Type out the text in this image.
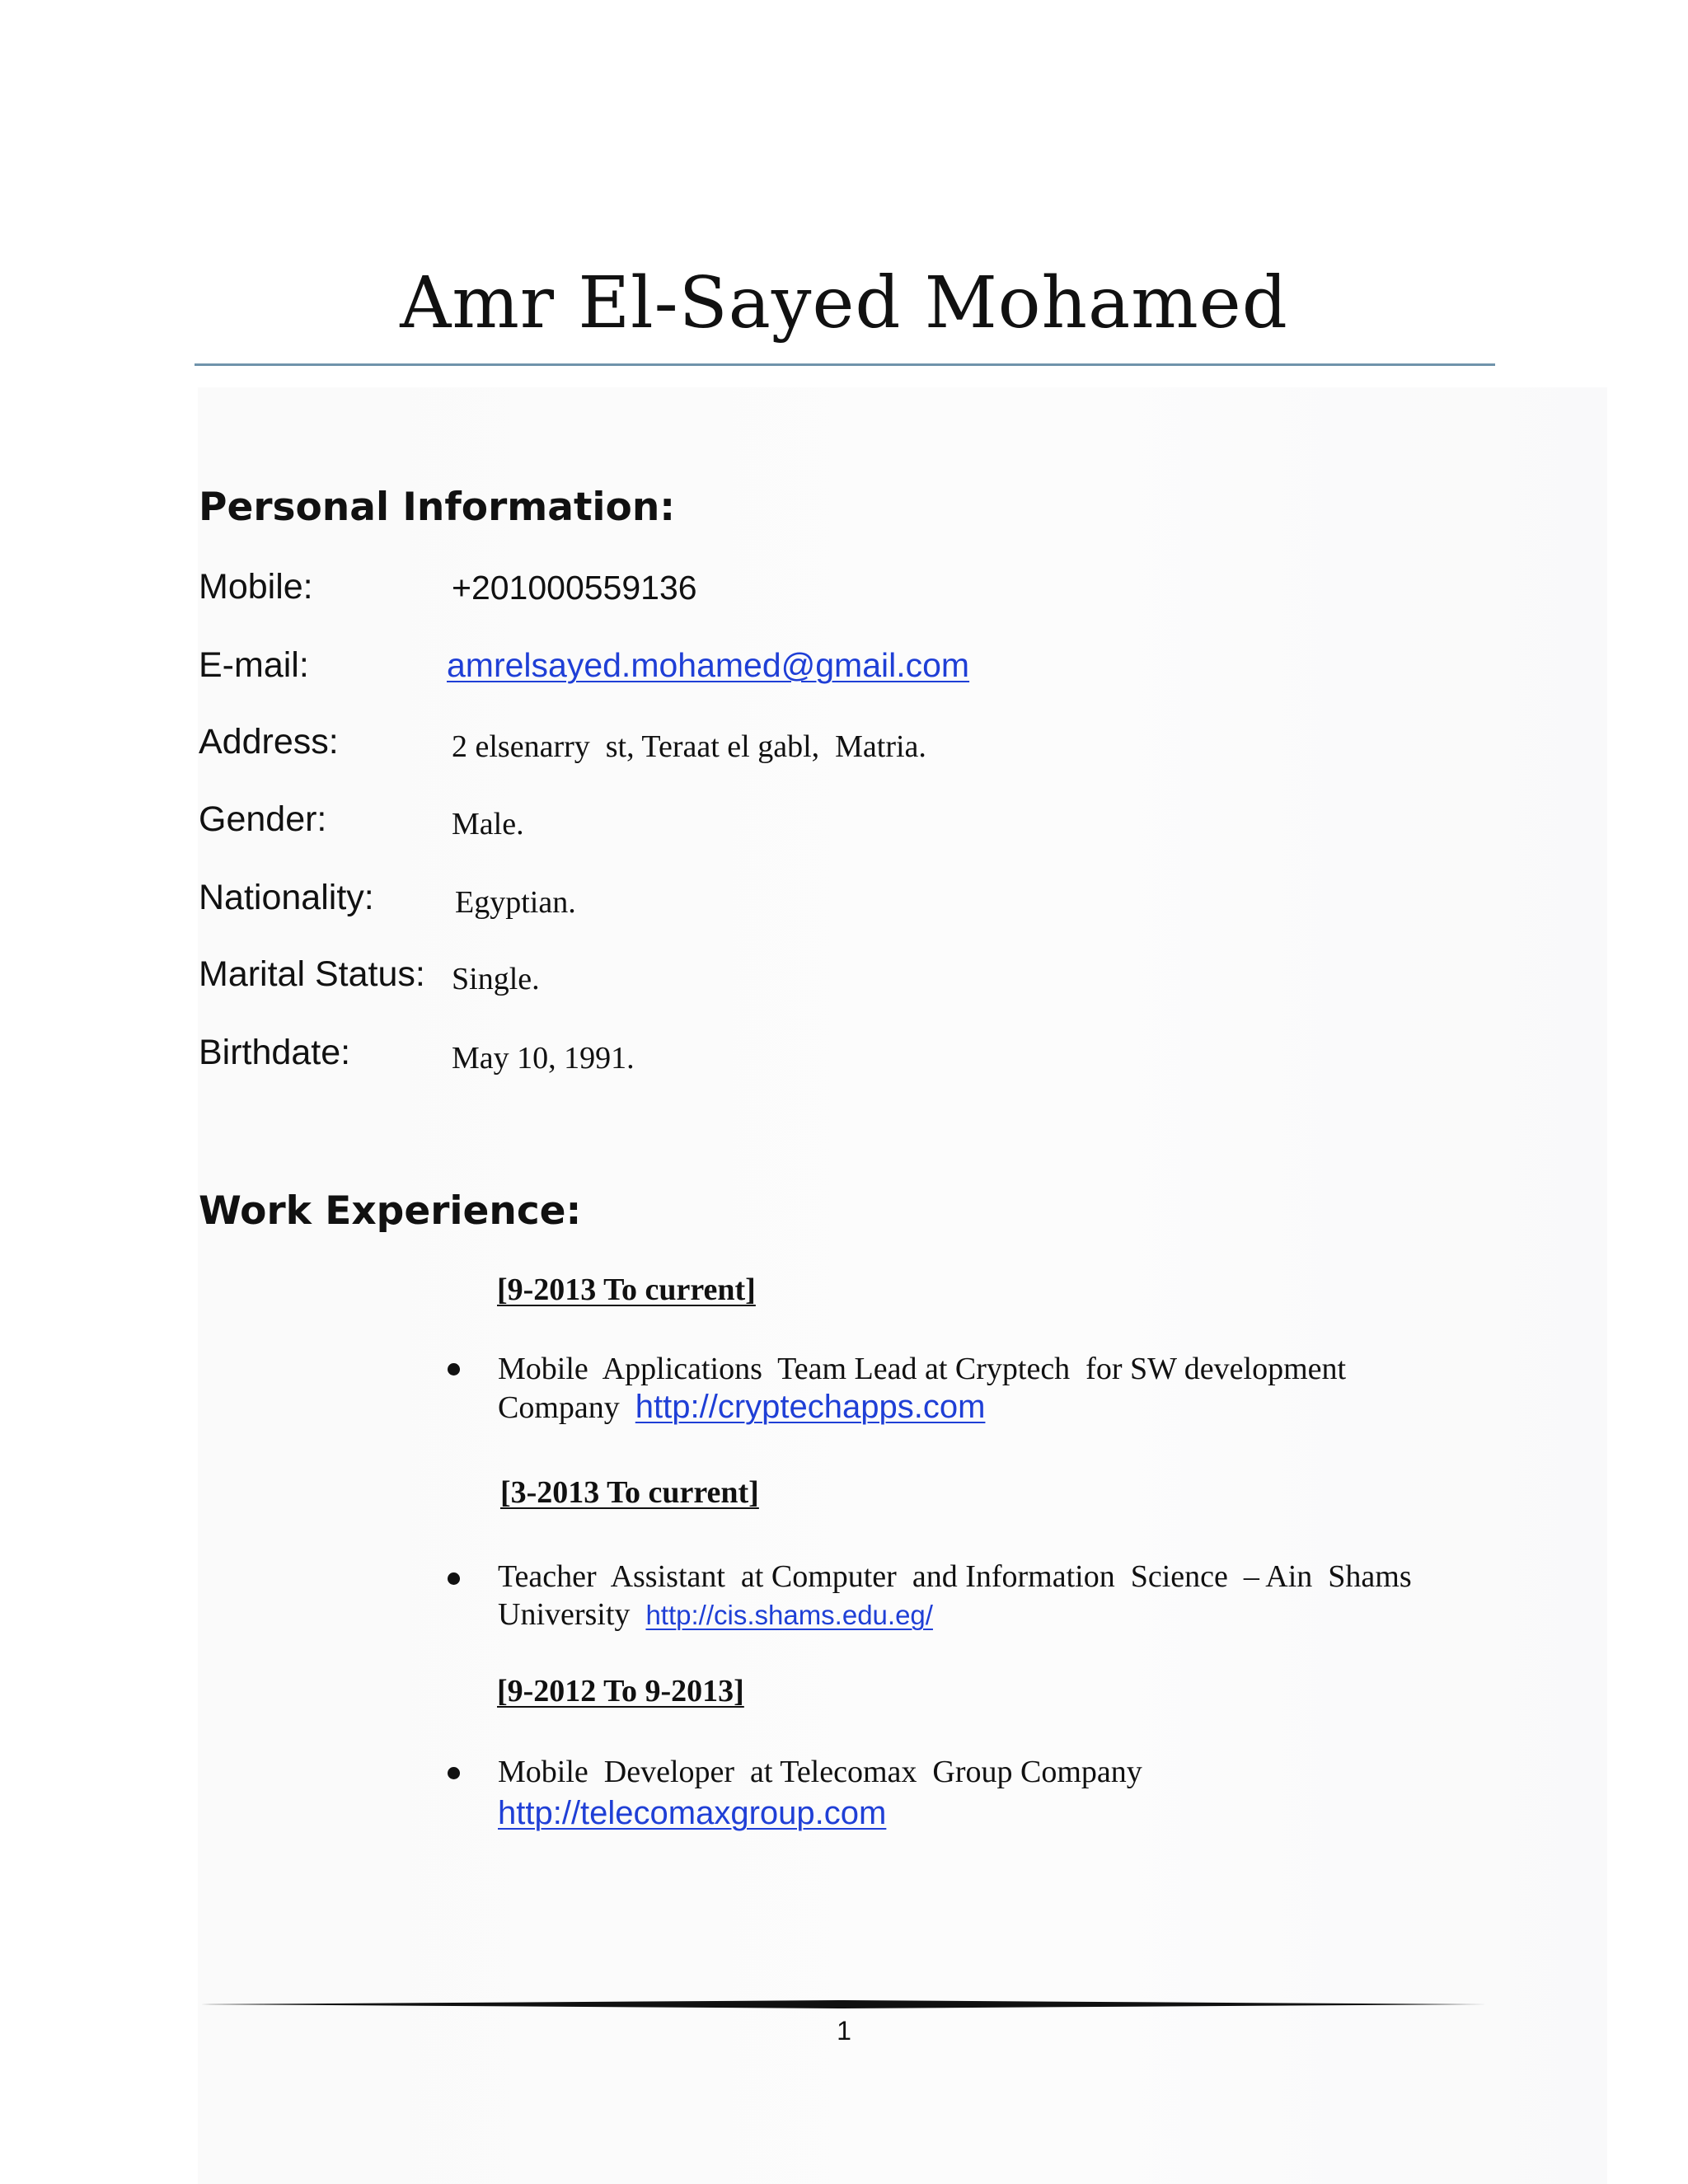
Amr El-Sayed Mohamed
Personal Information:
Mobile:	+201000559136
E-mail:	amrelsayed.mohamed@gmail.com
Address:	2 elsenarry  st, Teraat el gabl,  Matria.
Gender:	Male.
Nationality:	Egyptian.
Marital Status: Single.
Birthdate:	May 10, 1991.
Work Experience:
[9-2013 To current]
Mobile  Applications  Team Lead at Cryptech  for SW development
Company http://cryptechapps.com
[3-2013 To current]
Teacher  Assistant  at Computer  and Information  Science  – Ain  Shams
University http://cis.shams.edu.eg/
[9-2012 To 9-2013]
Mobile  Developer  at Telecomax  Group Company
http://telecomaxgroup.com
1
